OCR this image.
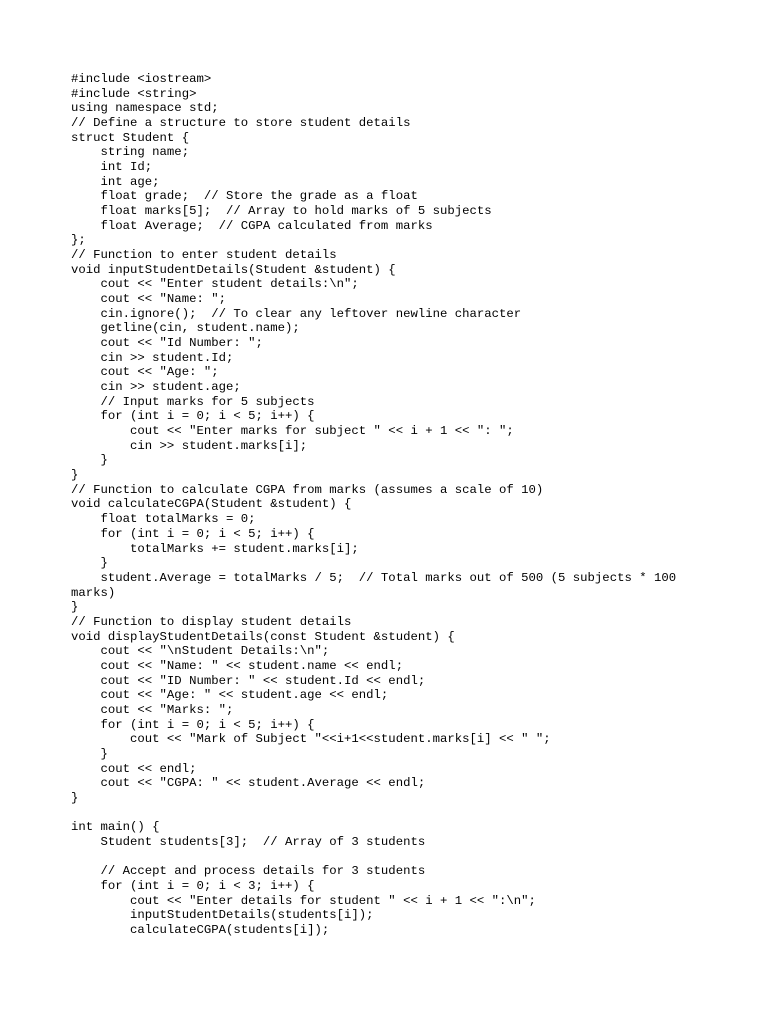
#include <iostream>
#include <string>
using namespace std;
// Define a structure to store student details
struct Student {
string name;
int Id;
int age;
float grade;  // Store the grade as a float
float marks[5];  // Array to hold marks of 5 subjects
float Average;  // CGPA calculated from marks
};
// Function to enter student details
void inputStudentDetails(Student &student) {
cout << "Enter student details:\n";
cout << "Name: ";
cin.ignore();  // To clear any leftover newline character
getline(cin, student.name);
cout << "Id Number: ";
cin >> student.Id;
cout << "Age: ";
cin >> student.age;
// Input marks for 5 subjects
for (int i = 0; i < 5; i++) {
cout << "Enter marks for subject " << i + 1 << ": ";
cin >> student.marks[i];
}
}
// Function to calculate CGPA from marks (assumes a scale of 10)
void calculateCGPA(Student &student) {
float totalMarks = 0;
for (int i = 0; i < 5; i++) {
totalMarks += student.marks[i];
}
student.Average = totalMarks / 5;  // Total marks out of 500 (5 subjects * 100
marks)
}
// Function to display student details
void displayStudentDetails(const Student &student) {
cout << "\nStudent Details:\n";
cout << "Name: " << student.name << endl;
cout << "ID Number: " << student.Id << endl;
cout << "Age: " << student.age << endl;
cout << "Marks: ";
for (int i = 0; i < 5; i++) {
cout << "Mark of Subject "<<i+1<<student.marks[i] << " ";
}
cout << endl;
cout << "CGPA: " << student.Average << endl;
}
int main() {
Student students[3];  // Array of 3 students
// Accept and process details for 3 students
for (int i = 0; i < 3; i++) {
cout << "Enter details for student " << i + 1 << ":\n";
inputStudentDetails(students[i]);
calculateCGPA(students[i]);
